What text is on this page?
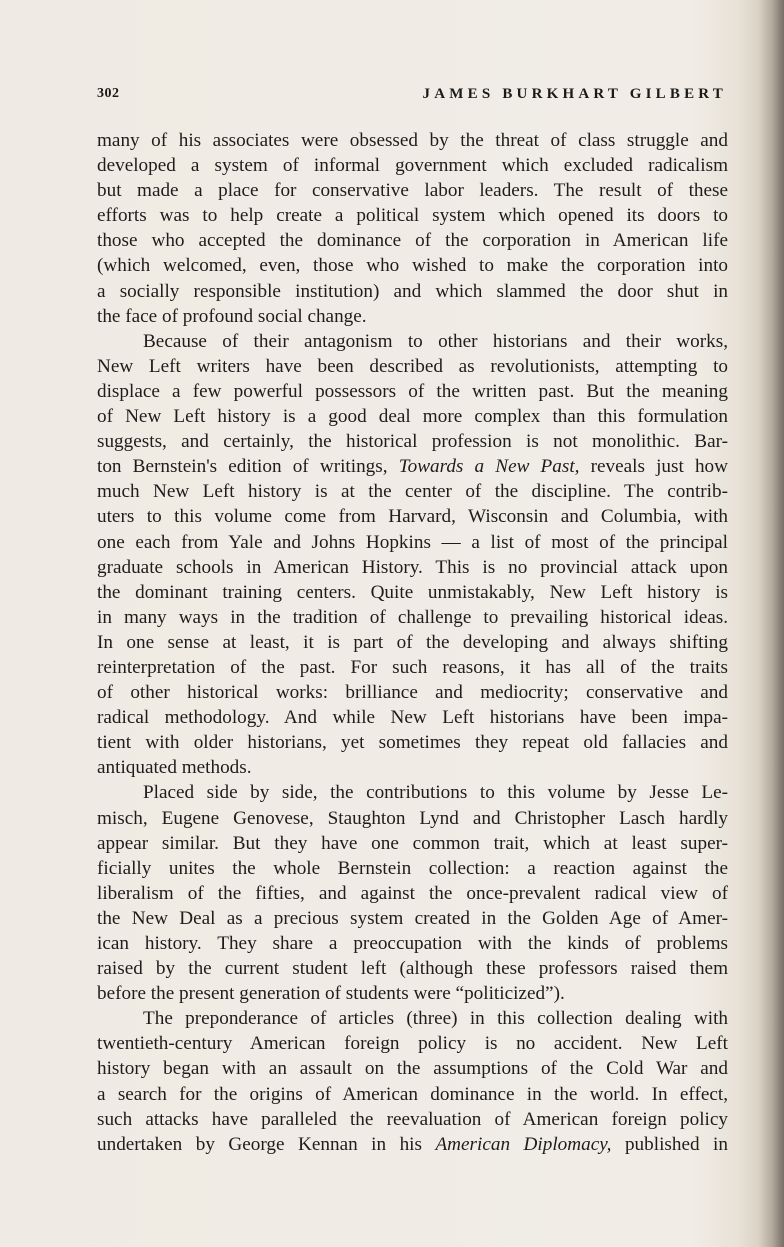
302	JAMES BURKHART GILBERT
many of his associates were obsessed by the threat of class struggle and
developed a system of informal government which excluded radicalism
but made a place for conservative labor leaders. The result of these
efforts was to help create a political system which opened its doors to
those who accepted the dominance of the corporation in American life
(which welcomed, even, those who wished to make the corporation into
a socially responsible institution) and which slammed the door shut in
the face of profound social change.
Because of their antagonism to other historians and their works,
New Left writers have been described as revolutionists, attempting to
displace a few powerful possessors of the written past. But the meaning
of New Left history is a good deal more complex than this formulation
suggests, and certainly, the historical profession is not monolithic. Bar-
ton Bernstein's edition of writings, Towards a New Past, reveals just how
much New Left history is at the center of the discipline. The contrib-
uters to this volume come from Harvard, Wisconsin and Columbia, with
one each from Yale and Johns Hopkins — a list of most of the principal
graduate schools in American History. This is no provincial attack upon
the dominant training centers. Quite unmistakably, New Left history is
in many ways in the tradition of challenge to prevailing historical ideas.
In one sense at least, it is part of the developing and always shifting
reinterpretation of the past. For such reasons, it has all of the traits
of other historical works: brilliance and mediocrity; conservative and
radical methodology. And while New Left historians have been impa-
tient with older historians, yet sometimes they repeat old fallacies and
antiquated methods.
Placed side by side, the contributions to this volume by Jesse Le-
misch, Eugene Genovese, Staughton Lynd and Christopher Lasch hardly
appear similar. But they have one common trait, which at least super-
ficially unites the whole Bernstein collection: a reaction against the
liberalism of the fifties, and against the once-prevalent radical view of
the New Deal as a precious system created in the Golden Age of Amer-
ican history. They share a preoccupation with the kinds of problems
raised by the current student left (although these professors raised them
before the present generation of students were “politicized”).
The preponderance of articles (three) in this collection dealing with
twentieth-century American foreign policy is no accident. New Left
history began with an assault on the assumptions of the Cold War and
a search for the origins of American dominance in the world. In effect,
such attacks have paralleled the reevaluation of American foreign policy
undertaken by George Kennan in his American Diplomacy, published in
